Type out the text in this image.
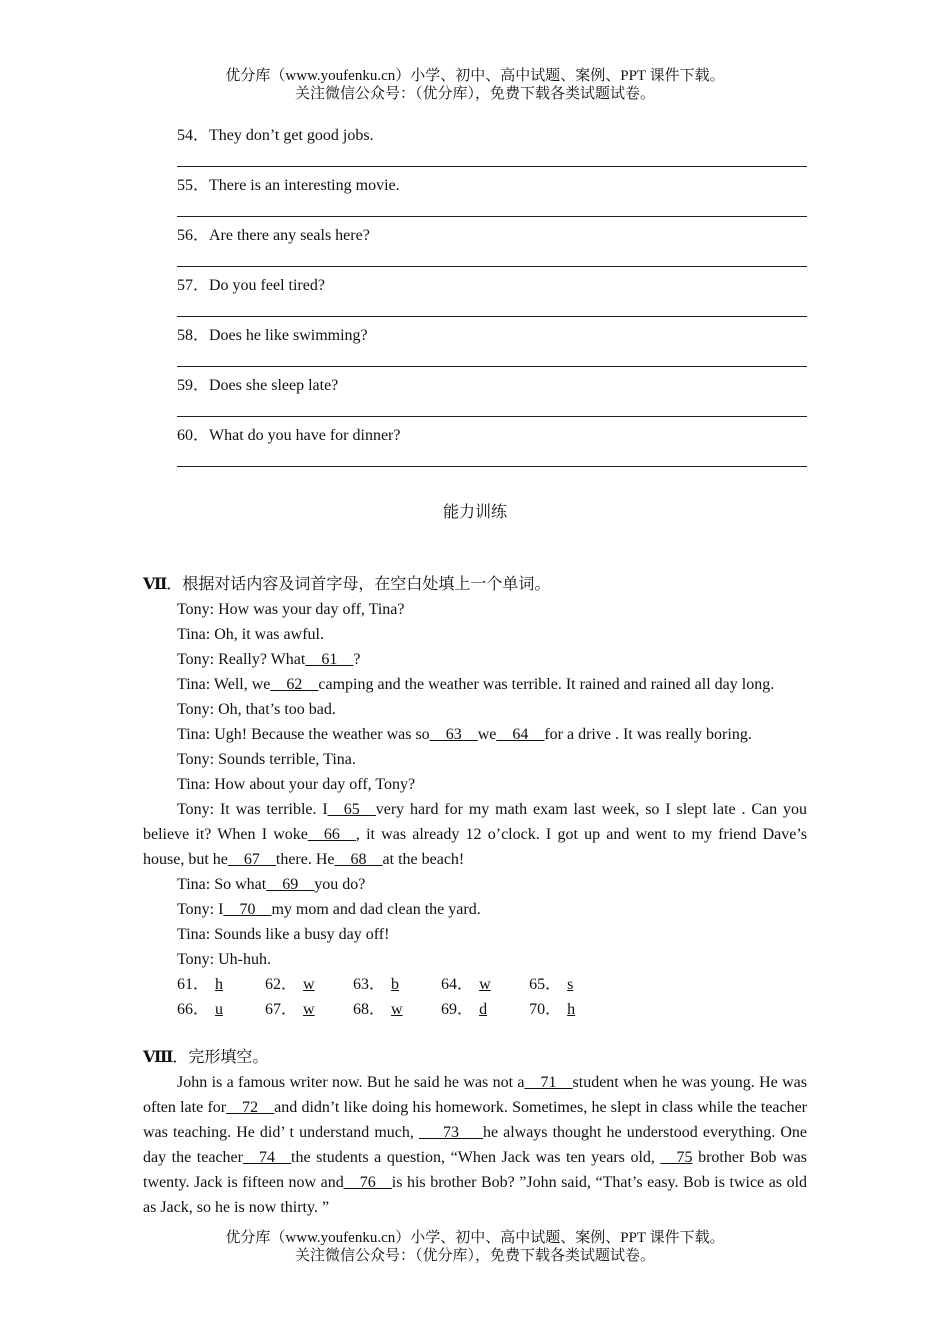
优分库（www.youfenku.cn）小学、初中、高中试题、案例、PPT 课件下载。
关注微信公众号：（优分库），免费下载各类试题试卷。
54．They don’t get good jobs.
55．There is an interesting movie.
56．Are there any seals here?
57．Do you feel tired?
58．Does he like swimming?
59．Does she sleep late?
60．What do you have for dinner?
能力训练
Ⅶ．根据对话内容及词首字母，在空白处填上一个单词。
Tony: How was your day off, Tina?
Tina: Oh, it was awful.
Tony: Really? What__61__?
Tina: Well, we__62__camping and the weather was terrible. It rained and rained all day long.
Tony: Oh, that’s too bad.
Tina: Ugh! Because the weather was so__63__we__64__for a drive . It was really boring.
Tony: Sounds terrible, Tina.
Tina: How about your day off, Tony?
Tony: It was terrible. I__65__very hard for my math exam last week, so I slept late . Can you believe it? When I woke__66__, it was already 12 o’clock. I got up and went to my friend Dave’s house, but he__67__there. He__68__at the beach!
Tina: So what__69__you do?
Tony: I__70__my mom and dad clean the yard.
Tina: Sounds like a busy day off!
Tony: Uh-huh.
61． h	62． w 63． b	64． w 65． s
66． u	67． w 68． w 69． d	70． h
Ⅷ．完形填空。
John is a famous writer now. But he said he was not a__71__student when he was young. He was often late for__72__and didn’t like doing his homework. Sometimes, he slept in class while the teacher was teaching. He did’ t understand much, ___73___he always thought he understood everything. One day the teacher__74__the students a question, “When Jack was ten years old, __75 brother Bob was twenty. Jack is fifteen now and__76__is his brother Bob? ”John said, “That’s easy. Bob is twice as old as Jack, so he is now thirty. ”
优分库（www.youfenku.cn）小学、初中、高中试题、案例、PPT 课件下载。
关注微信公众号：（优分库），免费下载各类试题试卷。
